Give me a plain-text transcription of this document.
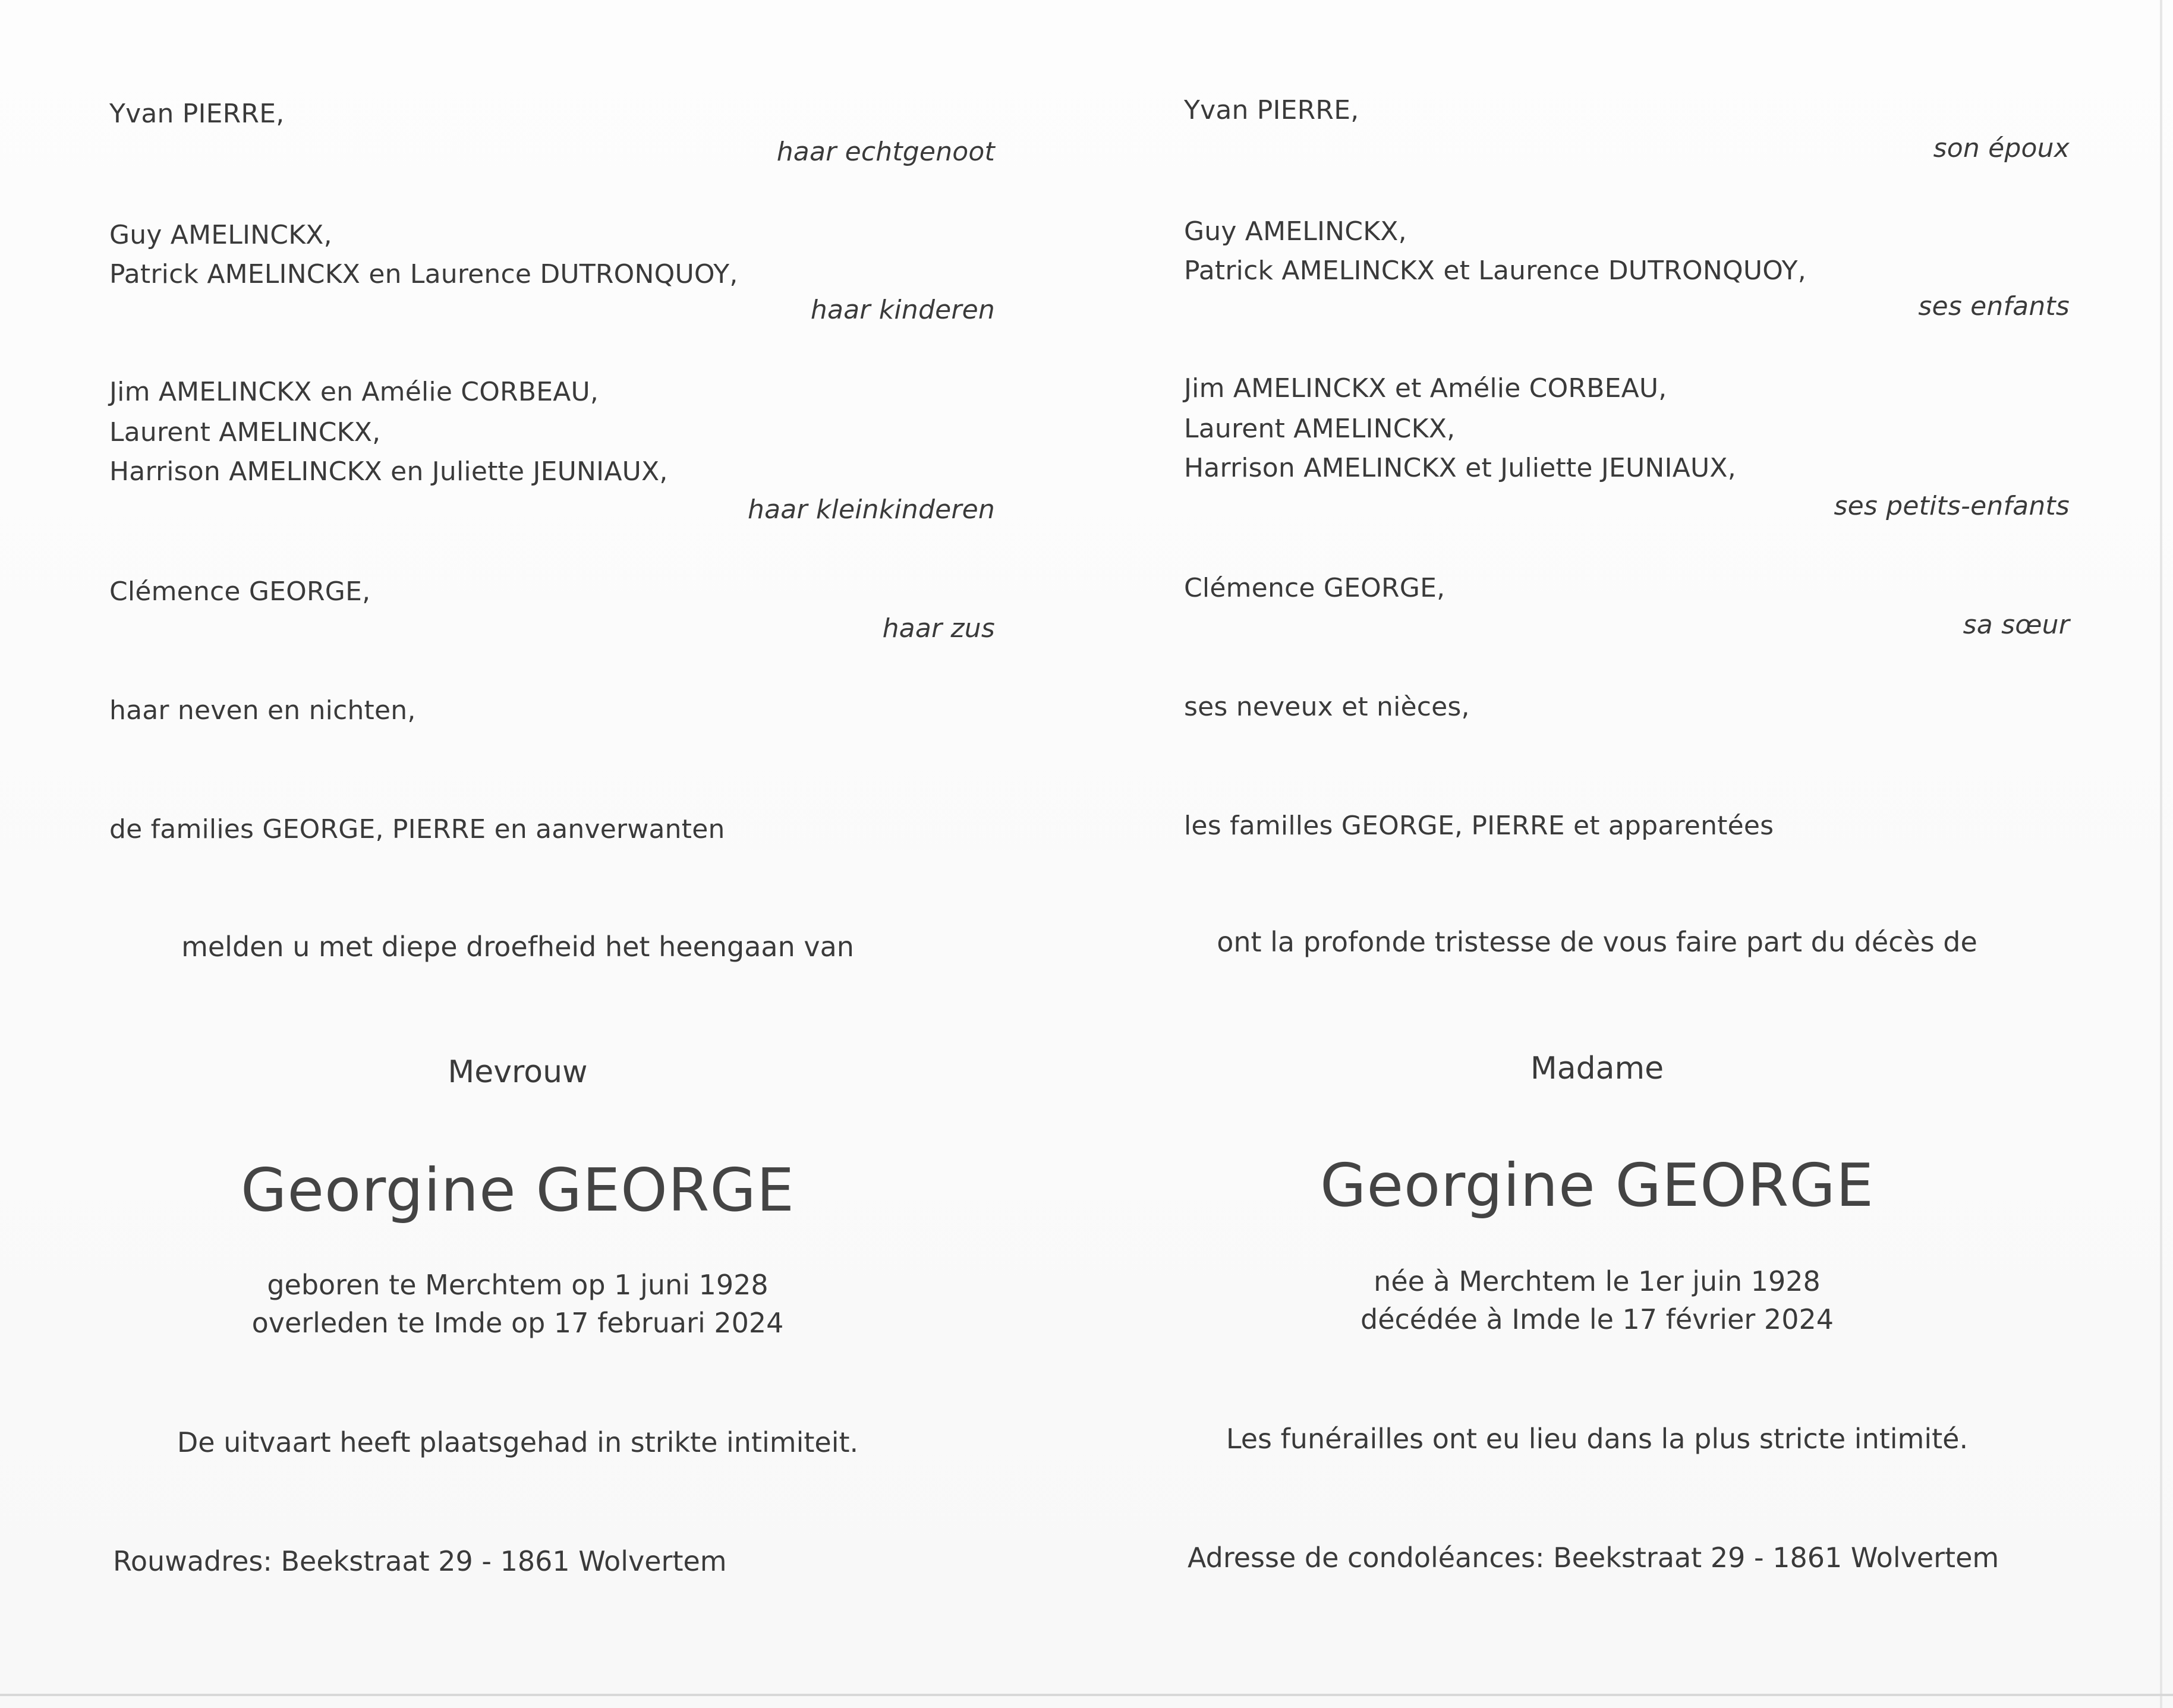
Yvan PIERRE,
haar echtgenoot
Guy AMELINCKX,
Patrick AMELINCKX en Laurence DUTRONQUOY,
haar kinderen
Jim AMELINCKX en Amélie CORBEAU,
Laurent AMELINCKX,
Harrison AMELINCKX en Juliette JEUNIAUX,
haar kleinkinderen
Clémence GEORGE,
haar zus
haar neven en nichten,
de families GEORGE, PIERRE en aanverwanten
melden u met diepe droefheid het heengaan van
Mevrouw
Georgine GEORGE
geboren te Merchtem op 1 juni 1928
overleden te Imde op 17 februari 2024
De uitvaart heeft plaatsgehad in strikte intimiteit.
Rouwadres: Beekstraat 29 - 1861 Wolvertem
Yvan PIERRE,
son époux
Guy AMELINCKX,
Patrick AMELINCKX et Laurence DUTRONQUOY,
ses enfants
Jim AMELINCKX et Amélie CORBEAU,
Laurent AMELINCKX,
Harrison AMELINCKX et Juliette JEUNIAUX,
ses petits-enfants
Clémence GEORGE,
sa sœur
ses neveux et nièces,
les familles GEORGE, PIERRE et apparentées
ont la profonde tristesse de vous faire part du décès de
Madame
Georgine GEORGE
née à Merchtem le 1er juin 1928
décédée à Imde le 17 février 2024
Les funérailles ont eu lieu dans la plus stricte intimité.
Adresse de condoléances: Beekstraat 29 - 1861 Wolvertem
